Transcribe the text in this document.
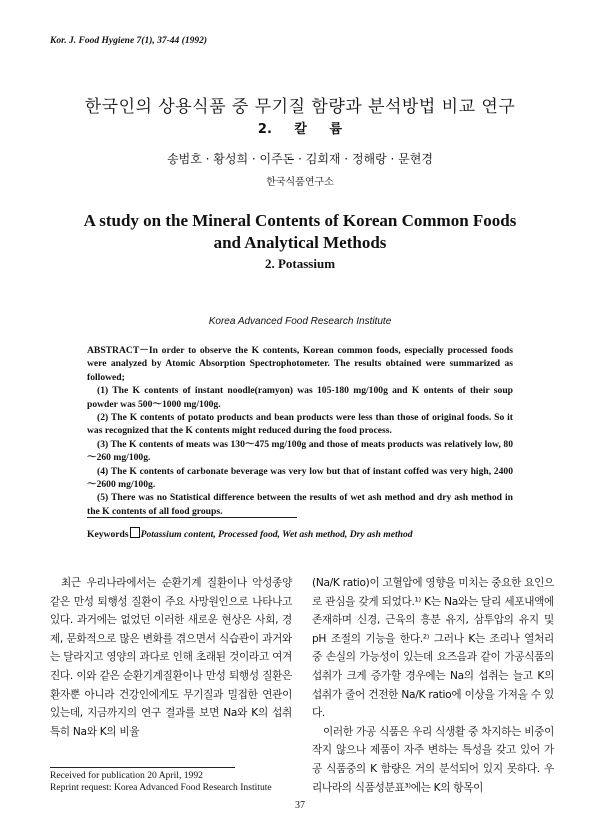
Kor. J. Food Hygiene 7(1), 37-44 (1992)
한국인의 상용식품 중 무기질 함량과 분석방법 비교 연구
2. 칼 륨
송범호 · 황성희 · 이주돈 · 김회재 · 정해랑 · 문현경
한국식품연구소
A study on the Mineral Contents of Korean Common Foods
and Analytical Methods
2. Potassium
Korea Advanced Food Research Institute

ABSTRACT－In order to observe the K contents, Korean common foods, especially processed foods were analyzed by Atomic Absorption Spectrophotometer. The results obtained were summarized as followed;

(1) The K contents of instant noodle(ramyon) was 105-180 mg/100g and K ontents of their soup powder was 500～1000 mg/100g.

(2) The K contents of potato products and bean products were less than those of original foods. So it was recognized that the K contents might reduced during the food process.

(3) The K contents of meats was 130～475 mg/100g and those of meats products was relatively low, 80～260 mg/100g.

(4) The K contents of carbonate beverage was very low but that of instant coffed was very high, 2400～2600 mg/100g.

(5) There was no Statistical difference between the results of wet ash method and dry ash method in the K contents of all food groups.

Keywords Potassium content, Processed food, Wet ash method, Dry ash method

최근 우리나라에서는 순환기계 질환이나 악성종양 같은 만성 퇴행성 질환이 주요 사망원인으로 나타나고 있다. 과거에는 없었던 이러한 새로운 현상은 사회, 경제, 문화적으로 많은 변화를 겪으면서 식습관이 과거와는 달라지고 영양의 과다로 인해 초래된 것이라고 여겨진다. 이와 같은 순환기계질환이나 만성 퇴행성 질환은 환자뿐 아니라 건강인에게도 무기질과 밀접한 연관이 있는데, 지금까지의 연구 결과를 보면 Na와 K의 섭취 특히 Na와 K의 비율

(Na/K ratio)이 고혈압에 영향을 미치는 중요한 요인으로 관심을 갖게 되었다.¹⁾ K는 Na와는 달리 세포내액에 존재하며 신경, 근육의 흥분 유지, 삼투압의 유지 및 pH 조절의 기능을 한다.²⁾ 그러나 K는 조리나 열처리 중 손실의 가능성이 있는데 요즈음과 같이 가공식품의 섭취가 크게 증가할 경우에는 Na의 섭취는 늘고 K의 섭취가 줄어 건전한 Na/K ratio에 이상을 가져올 수 있다.

이러한 가공 식품은 우리 식생활 중 차지하는 비중이 작지 않으나 제품이 자주 변하는 특성을 갖고 있어 가공 식품중의 K 함량은 거의 분석되어 있지 못하다. 우리나라의 식품성분표³⁾에는 K의 항목이

Received for publication 20 April, 1992
Reprint request: Korea Advanced Food Research Institute
37
